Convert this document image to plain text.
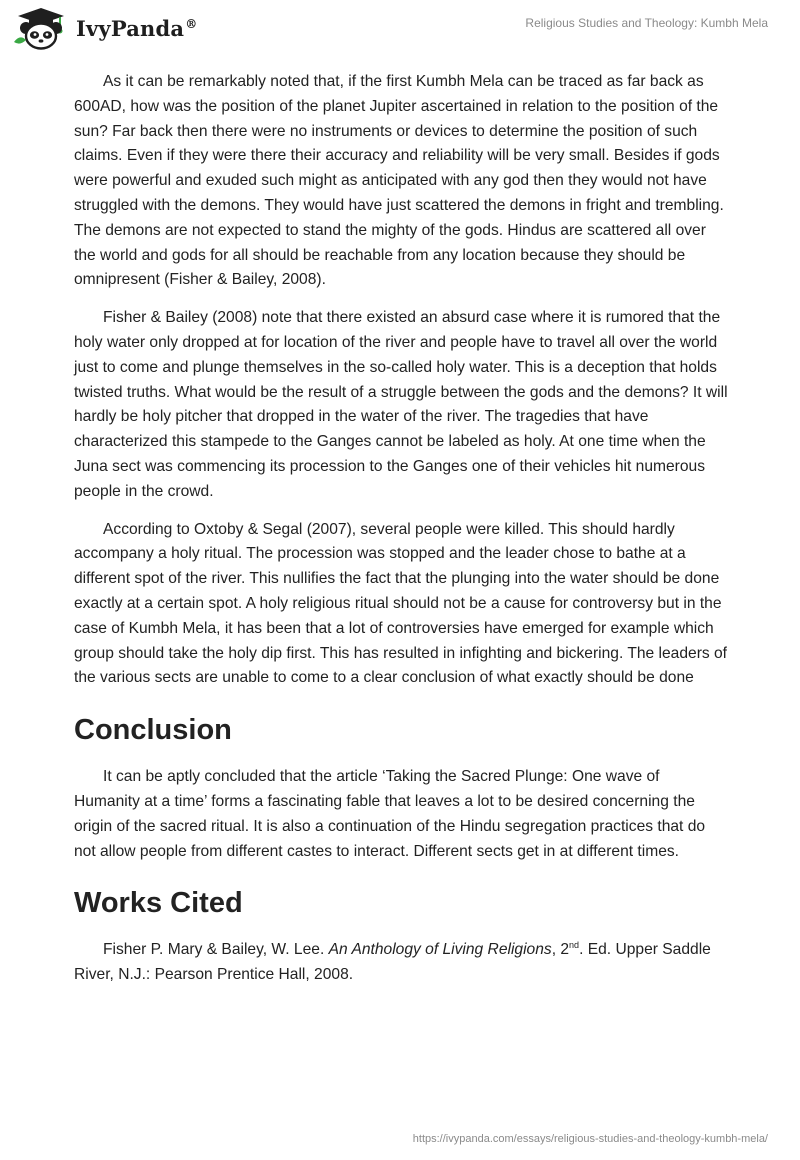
IvyPanda®	Religious Studies and Theology: Kumbh Mela

As it can be remarkably noted that, if the first Kumbh Mela can be traced as far back as 600AD, how was the position of the planet Jupiter ascertained in relation to the position of the sun? Far back then there were no instruments or devices to determine the position of such claims. Even if they were there their accuracy and reliability will be very small. Besides if gods were powerful and exuded such might as anticipated with any god then they would not have struggled with the demons. They would have just scattered the demons in fright and trembling. The demons are not expected to stand the mighty of the gods. Hindus are scattered all over the world and gods for all should be reachable from any location because they should be omnipresent (Fisher & Bailey, 2008).

Fisher & Bailey (2008) note that there existed an absurd case where it is rumored that the holy water only dropped at for location of the river and people have to travel all over the world just to come and plunge themselves in the so-called holy water. This is a deception that holds twisted truths. What would be the result of a struggle between the gods and the demons? It will hardly be holy pitcher that dropped in the water of the river. The tragedies that have characterized this stampede to the Ganges cannot be labeled as holy. At one time when the Juna sect was commencing its procession to the Ganges one of their vehicles hit numerous people in the crowd.

According to Oxtoby & Segal (2007), several people were killed. This should hardly accompany a holy ritual. The procession was stopped and the leader chose to bathe at a different spot of the river. This nullifies the fact that the plunging into the water should be done exactly at a certain spot. A holy religious ritual should not be a cause for controversy but in the case of Kumbh Mela, it has been that a lot of controversies have emerged for example which group should take the holy dip first. This has resulted in infighting and bickering. The leaders of the various sects are unable to come to a clear conclusion of what exactly should be done

Conclusion

It can be aptly concluded that the article ‘Taking the Sacred Plunge: One wave of Humanity at a time’ forms a fascinating fable that leaves a lot to be desired concerning the origin of the sacred ritual. It is also a continuation of the Hindu segregation practices that do not allow people from different castes to interact. Different sects get in at different times.

Works Cited

Fisher P. Mary & Bailey, W. Lee. An Anthology of Living Religions, 2nd. Ed. Upper Saddle River, N.J.: Pearson Prentice Hall, 2008.

https://ivypanda.com/essays/religious-studies-and-theology-kumbh-mela/
